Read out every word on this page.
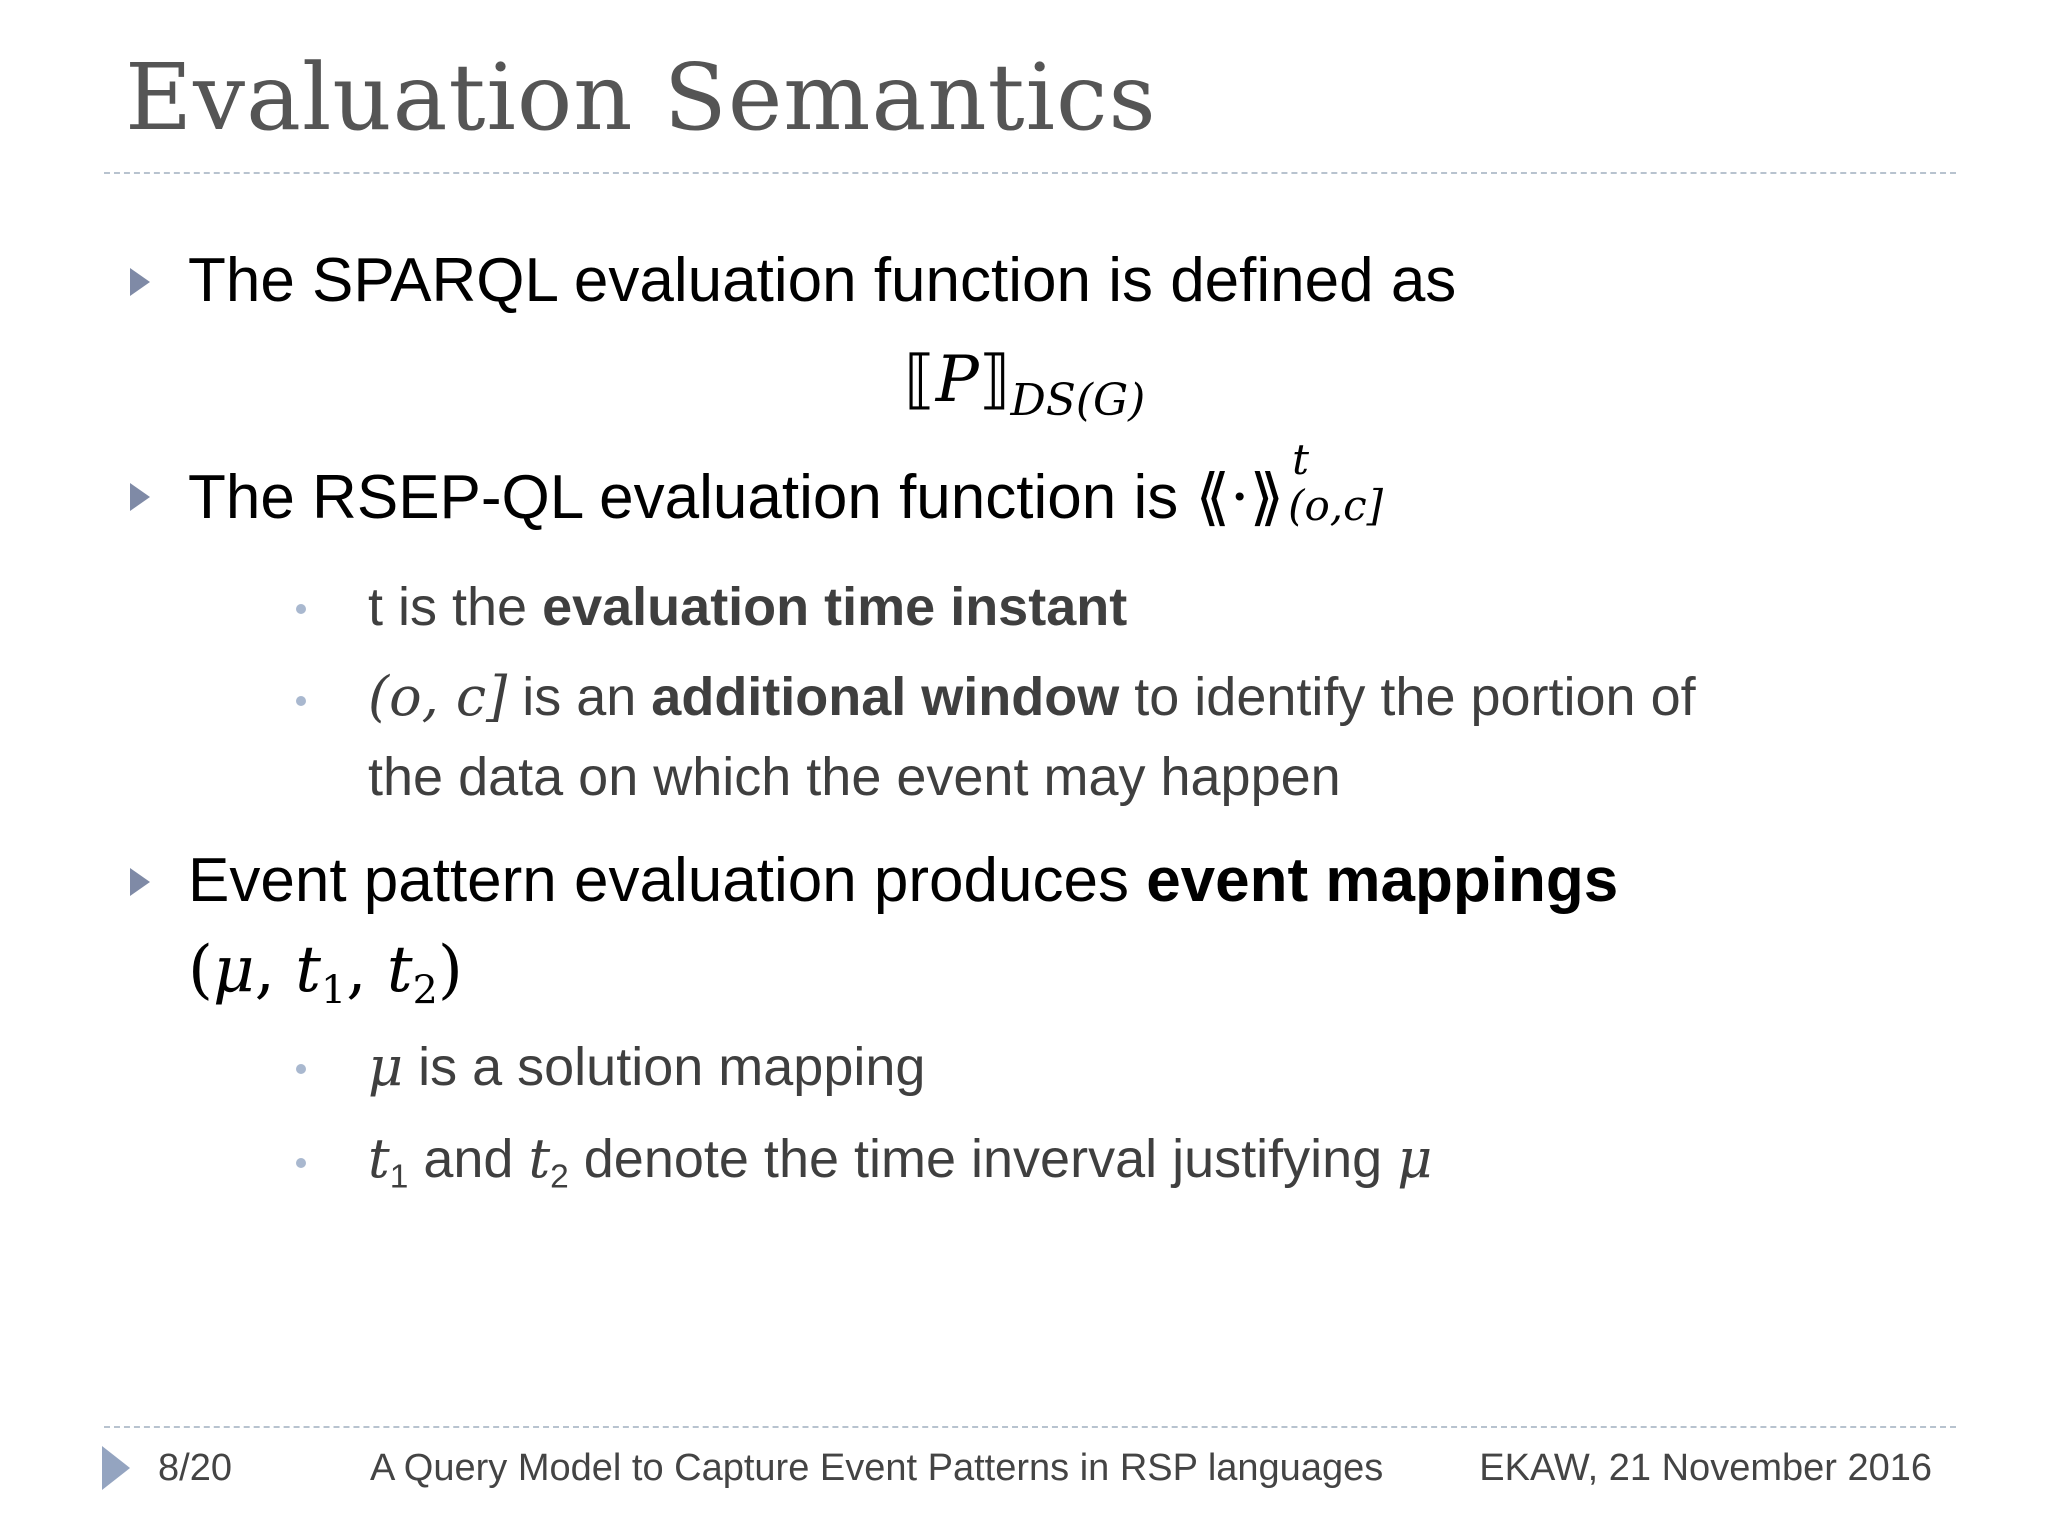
Evaluation Semantics
The SPARQL evaluation function is defined as
$⟦P⟧_{DS(G)}$
The RSEP-QL evaluation function is ⟪·⟫
t
(o,c]
t is the evaluation time instant
(o, c] is an additional window to identify the portion of
the data on which the event may happen
Event pattern evaluation produces event mappings
(μ, $t_1$, $t_2$)
μ is a solution mapping
$t_1$ and $t_2$ denote the time inverval justifying μ
8/20	A Query Model to Capture Event Patterns in RSP languages	EKAW, 21 November 2016
